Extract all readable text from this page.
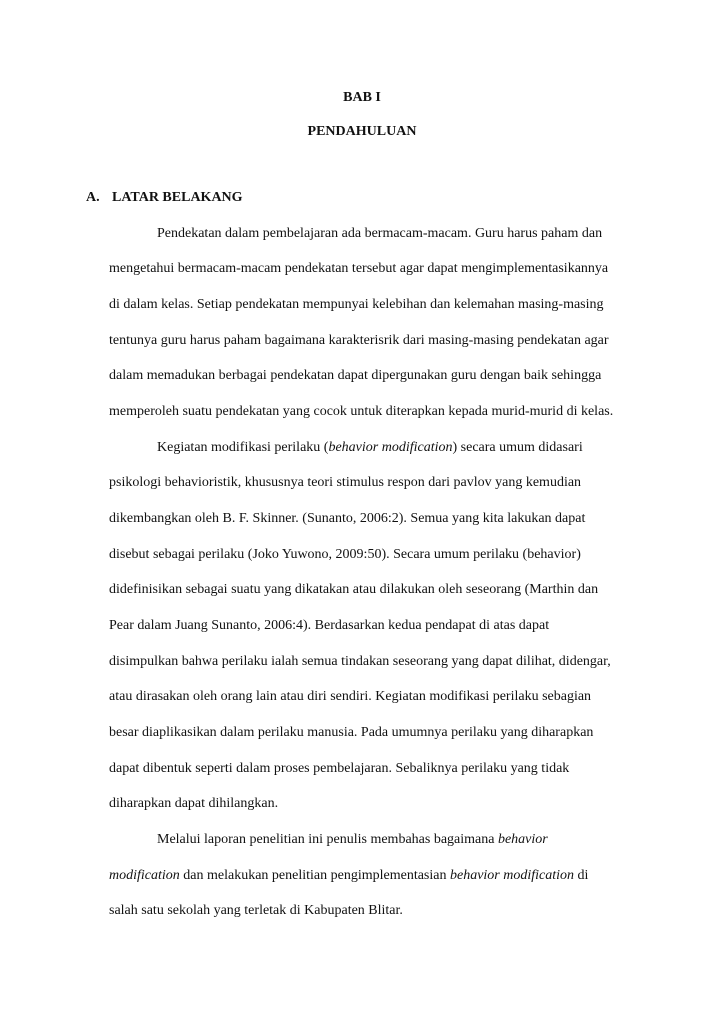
BAB I
PENDAHULUAN
A. LATAR BELAKANG
Pendekatan dalam pembelajaran ada bermacam-macam. Guru harus paham dan
mengetahui bermacam-macam pendekatan tersebut agar dapat mengimplementasikannya
di dalam kelas. Setiap pendekatan mempunyai kelebihan dan kelemahan masing-masing
tentunya guru harus paham bagaimana karakterisrik dari masing-masing pendekatan agar
dalam memadukan berbagai pendekatan dapat dipergunakan guru dengan baik sehingga
memperoleh suatu pendekatan yang cocok untuk diterapkan kepada murid-murid di kelas.
Kegiatan modifikasi perilaku (behavior modification) secara umum didasari
psikologi behavioristik, khususnya teori stimulus respon dari pavlov yang kemudian
dikembangkan oleh B. F. Skinner. (Sunanto, 2006:2). Semua yang kita lakukan dapat
disebut sebagai perilaku (Joko Yuwono, 2009:50). Secara umum perilaku (behavior)
didefinisikan sebagai suatu yang dikatakan atau dilakukan oleh seseorang (Marthin dan
Pear dalam Juang Sunanto, 2006:4). Berdasarkan kedua pendapat di atas dapat
disimpulkan bahwa perilaku ialah semua tindakan seseorang yang dapat dilihat, didengar,
atau dirasakan oleh orang lain atau diri sendiri. Kegiatan modifikasi perilaku sebagian
besar diaplikasikan dalam perilaku manusia. Pada umumnya perilaku yang diharapkan
dapat dibentuk seperti dalam proses pembelajaran. Sebaliknya perilaku yang tidak
diharapkan dapat dihilangkan.
Melalui laporan penelitian ini penulis membahas bagaimana behavior
modification dan melakukan penelitian pengimplementasian behavior modification di
salah satu sekolah yang terletak di Kabupaten Blitar.
